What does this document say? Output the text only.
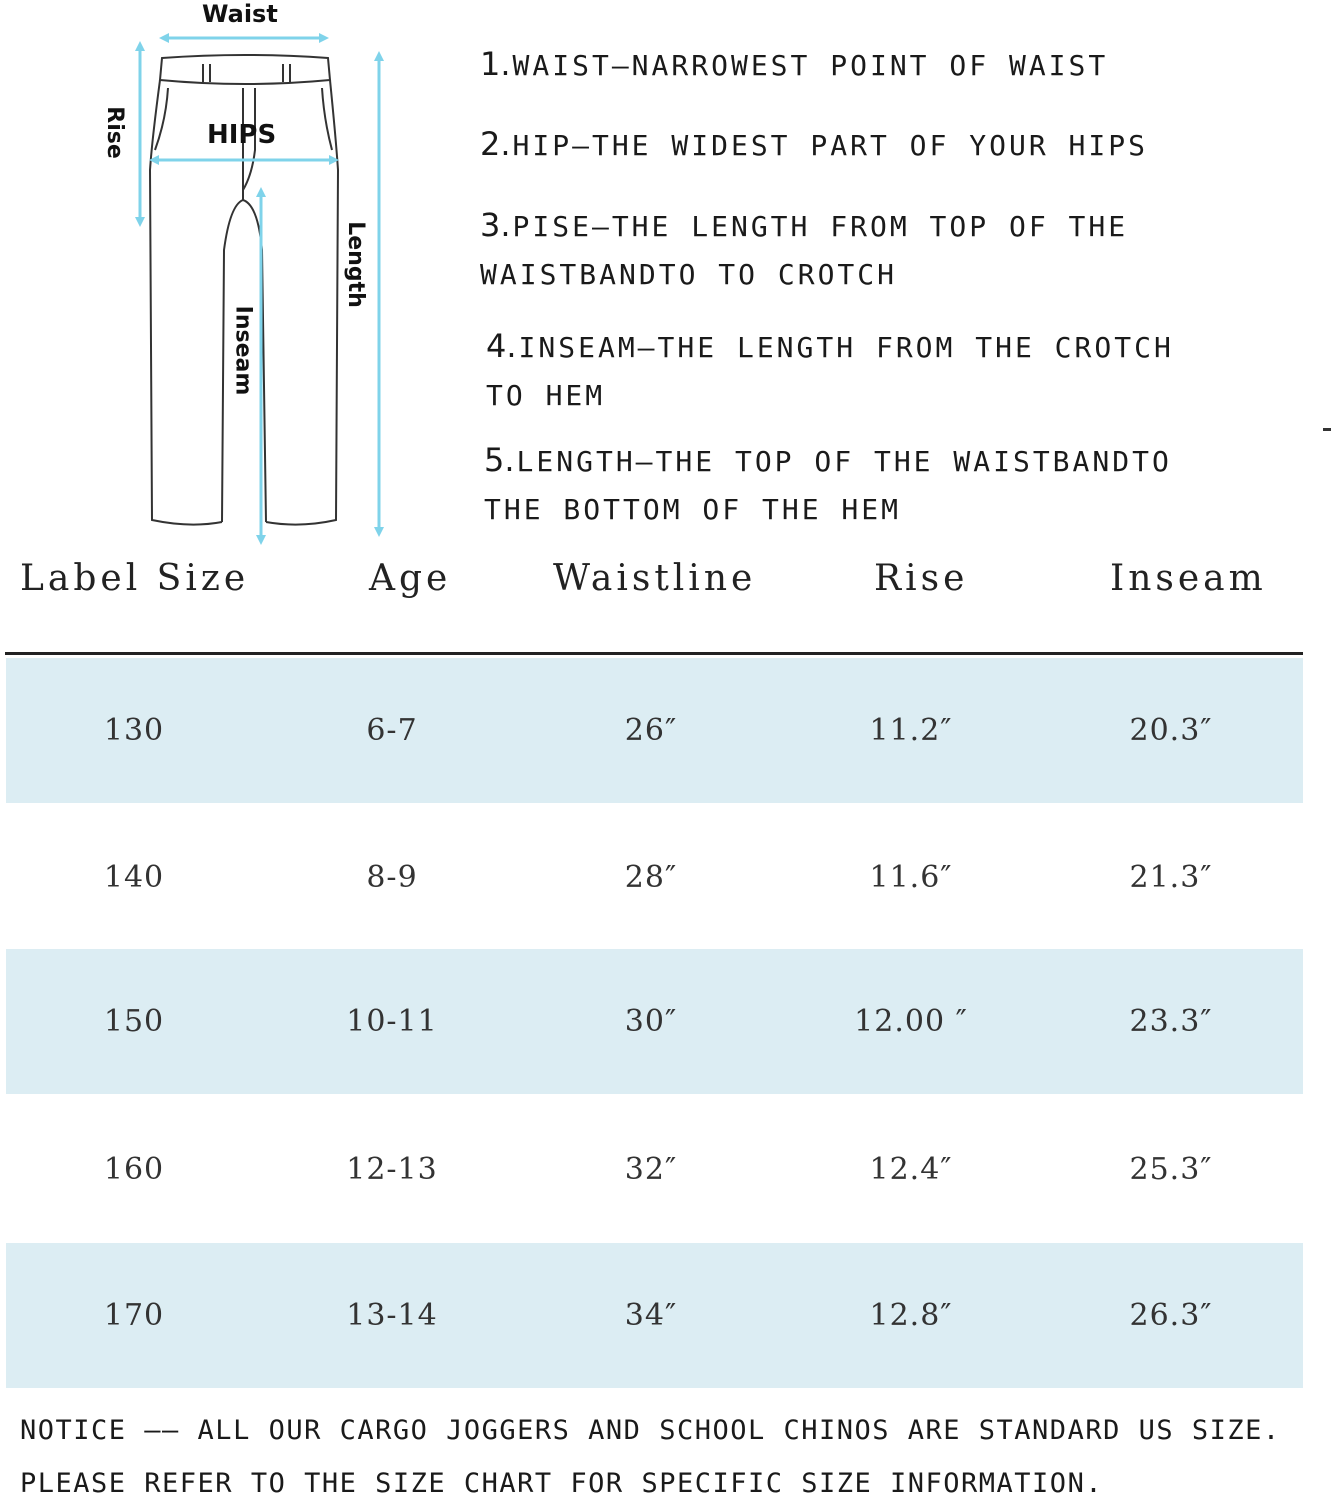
Waist
HIPS
Rise
Length
Inseam
1.WAIST—NARROWEST POINT OF WAIST
2.HIP—THE WIDEST PART OF YOUR HIPS
3.PISE—THE LENGTH FROM TOP OF THE
WAISTBANDTO TO CROTCH
4.INSEAM—THE LENGTH FROM THE CROTCH
TO HEM
5.LENGTH—THE TOP OF THE WAISTBANDTO
THE BOTTOM OF THE HEM
Label Size	Age	Waistline	Rise	Inseam
130	6-7	26″	11.2″	20.3″
140	8-9	28″	11.6″	21.3″
150	10-11	30″	12.00 ″	23.3″
160	12-13	32″	12.4″	25.3″
170	13-14	34″	12.8″	26.3″
NOTICE —— ALL OUR CARGO JOGGERS AND SCHOOL CHINOS ARE STANDARD US SIZE.
PLEASE REFER TO THE SIZE CHART FOR SPECIFIC SIZE INFORMATION.
